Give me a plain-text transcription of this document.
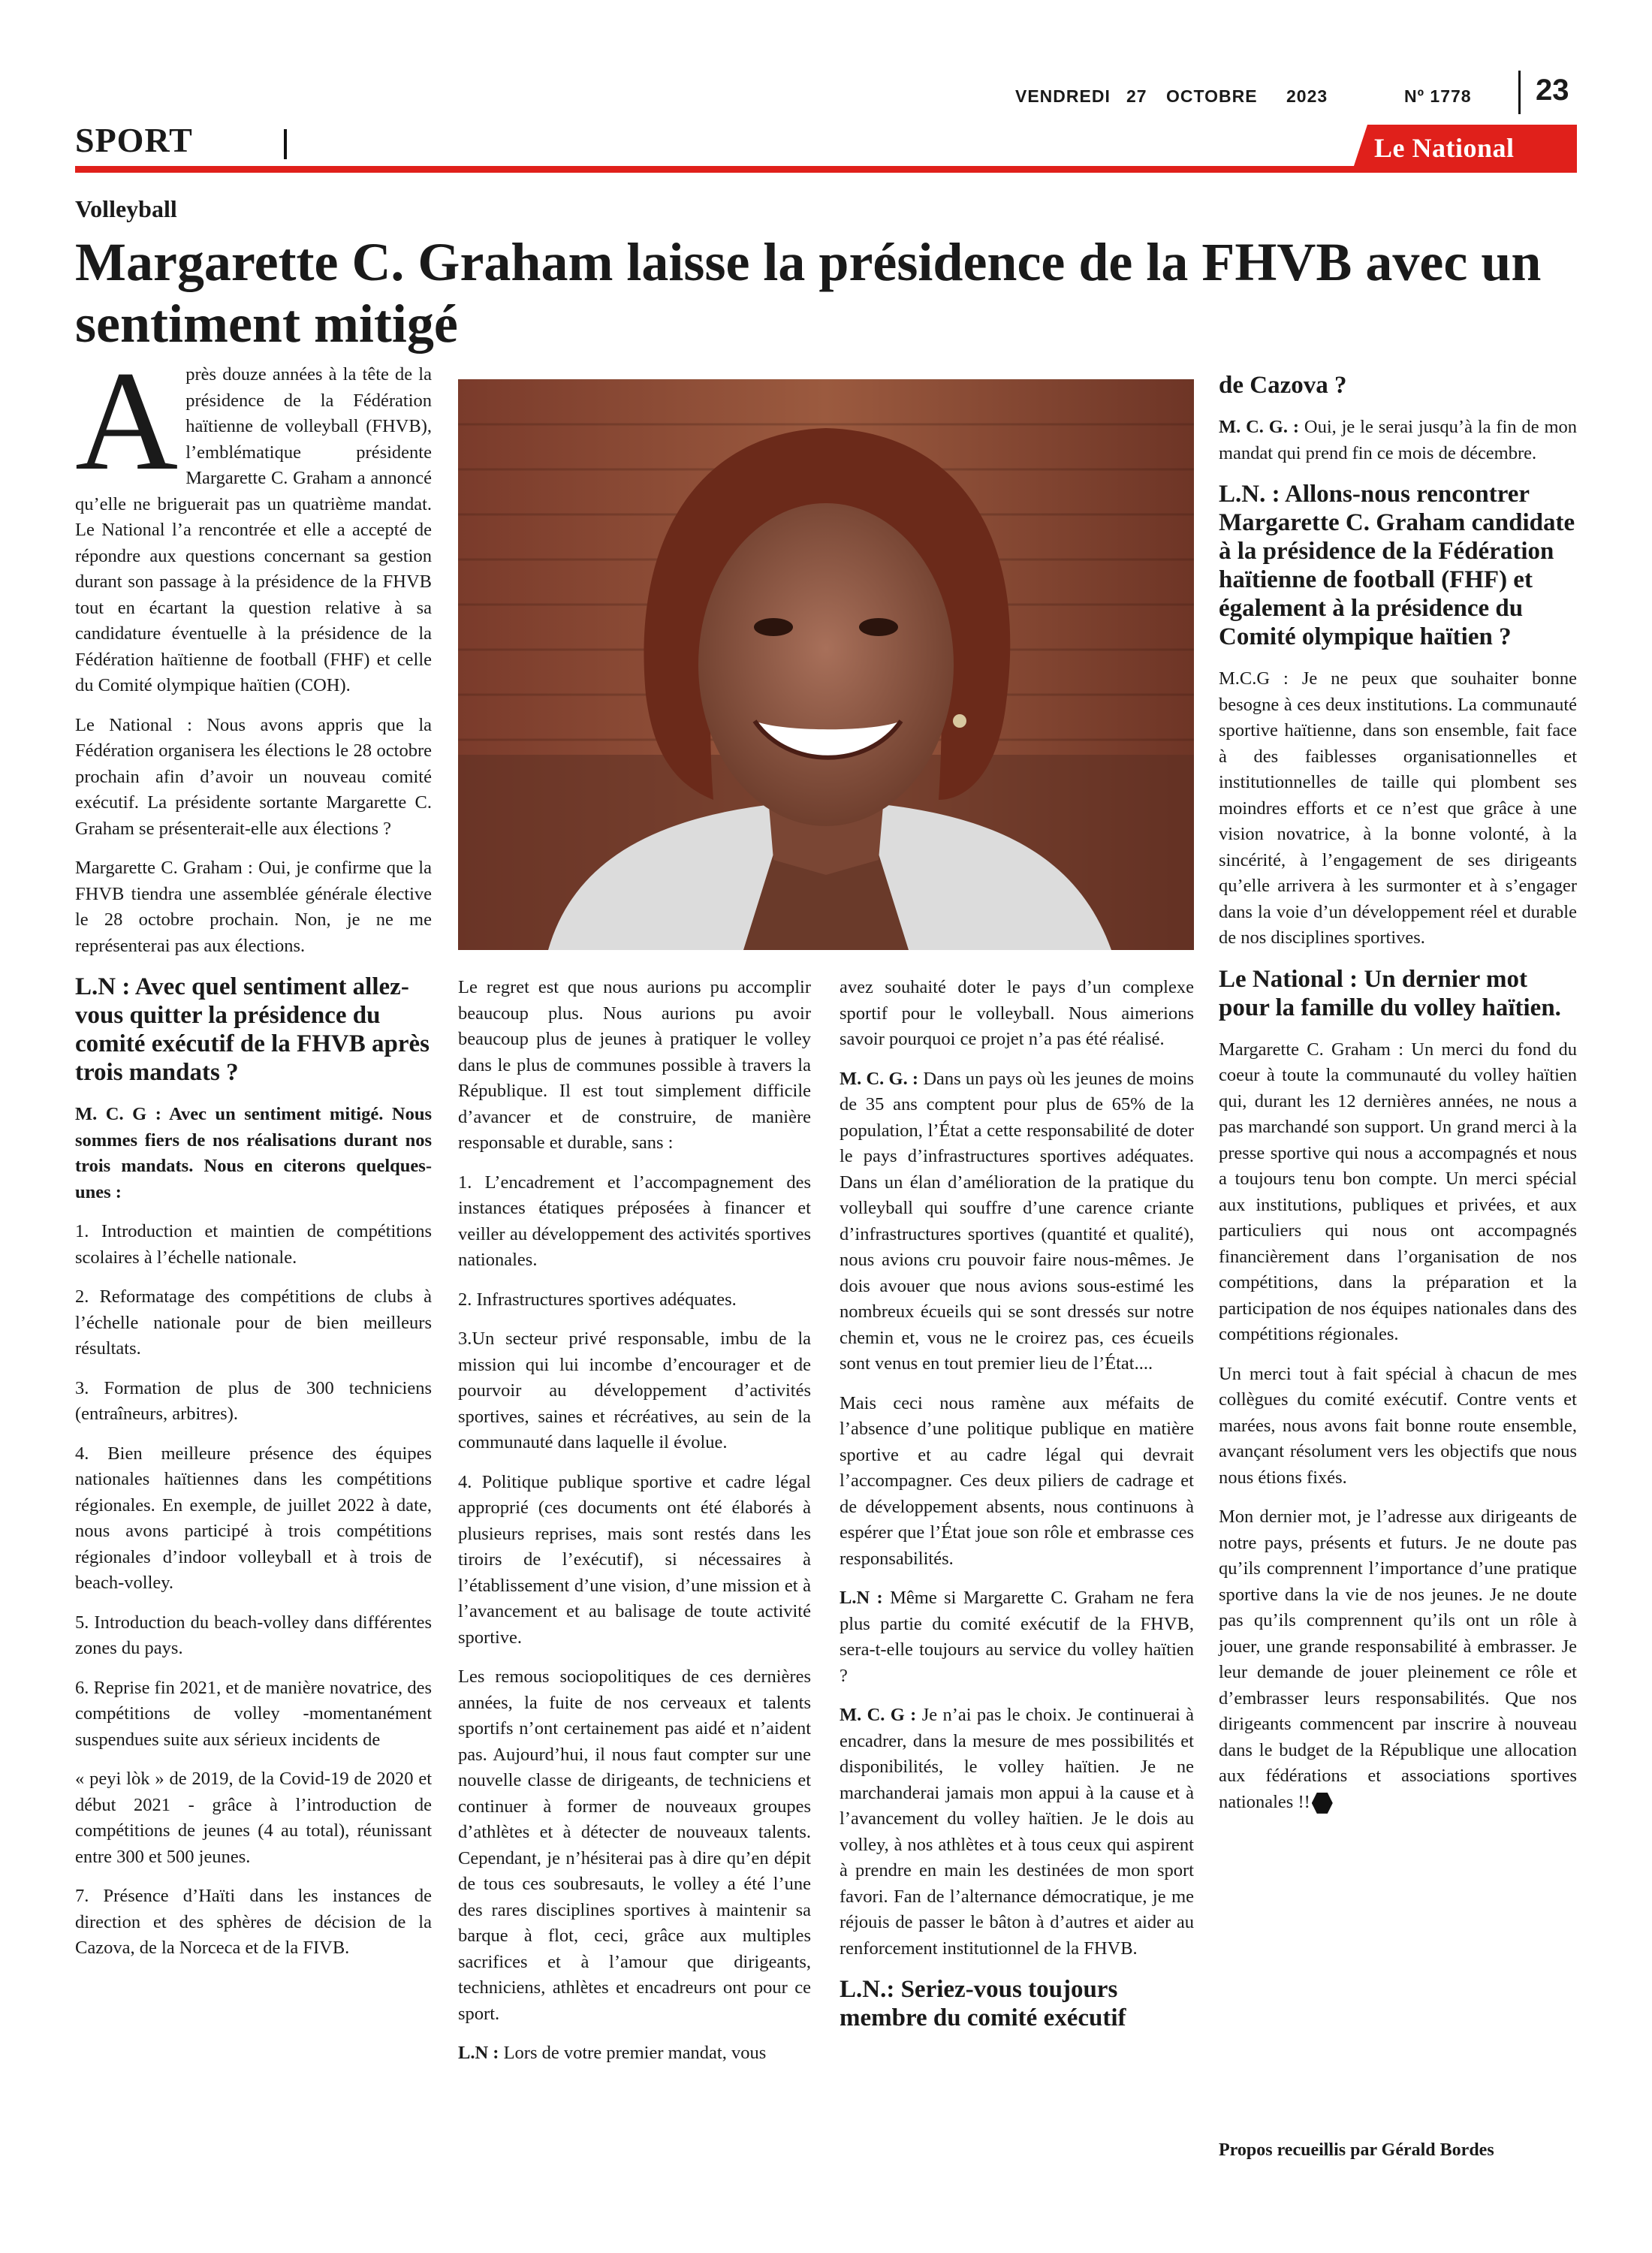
VENDREDI 27 OCTOBRE 2023	Nº 1778 23
SPORT	Le National
Volleyball
Margarette C. Graham laisse la présidence de la FHVB avec un sentiment mitigé

Après douze années à la tête de la présidence de la Fédération haïtienne de volleyball (FHVB), l’emblématique présidente Margarette C. Graham a annoncé qu’elle ne briguerait pas un quatrième mandat. Le National l’a rencontrée et elle a accepté de répondre aux questions concernant sa gestion durant son passage à la présidence de la FHVB tout en écartant la question relative à sa candidature éventuelle à la présidence de la Fédération haïtienne de football (FHF) et celle du Comité olympique haïtien (COH).

Le National : Nous avons appris que la Fédération organisera les élections le 28 octobre prochain afin d’avoir un nouveau comité exécutif. La présidente sortante Margarette C. Graham se présenterait-elle aux élections ?

Margarette C. Graham : Oui, je confirme que la FHVB tiendra une assemblée générale élective le 28 octobre prochain. Non, je ne me représenterai pas aux élections.

L.N : Avec quel sentiment allez-vous quitter la présidence du comité exécutif de la FHVB après trois mandats ?

M. C. G : Avec un sentiment mitigé. Nous sommes fiers de nos réalisations durant nos trois mandats. Nous en citerons quelques-unes :

1. Introduction et maintien de compétitions scolaires à l’échelle nationale.

2. Reformatage des compétitions de clubs à l’échelle nationale pour de bien meilleurs résultats.

3. Formation de plus de 300 techniciens (entraîneurs, arbitres).

4. Bien meilleure présence des équipes nationales haïtiennes dans les compétitions régionales. En exemple, de juillet 2022 à date, nous avons participé à trois compétitions régionales d’indoor volleyball et à trois de beach-volley.

5. Introduction du beach-volley dans différentes zones du pays.

6. Reprise fin 2021, et de manière novatrice, des compétitions de volley -momentanément suspendues suite aux sérieux incidents de

« peyi lòk » de 2019, de la Covid-19 de 2020 et début 2021 - grâce à l’introduction de compétitions de jeunes (4 au total), réunissant entre 300 et 500 jeunes.

7. Présence d’Haïti dans les instances de direction et des sphères de décision de la Cazova, de la Norceca et de la FIVB.

Le regret est que nous aurions pu accomplir beaucoup plus. Nous aurions pu avoir beaucoup plus de jeunes à pratiquer le volley dans le plus de communes possible à travers la République. Il est tout simplement difficile d’avancer et de construire, de manière responsable et durable, sans :

1. L’encadrement et l’accompagnement des instances étatiques préposées à financer et veiller au développement des activités sportives nationales.

2. Infrastructures sportives adéquates.

3.Un secteur privé responsable, imbu de la mission qui lui incombe d’encourager et de pourvoir au développement d’activités sportives, saines et récréatives, au sein de la communauté dans laquelle il évolue.

4. Politique publique sportive et cadre légal approprié (ces documents ont été élaborés à plusieurs reprises, mais sont restés dans les tiroirs de l’exécutif), si nécessaires à l’établissement d’une vision, d’une mission et à l’avancement et au balisage de toute activité sportive.

Les remous sociopolitiques de ces dernières années, la fuite de nos cerveaux et talents sportifs n’ont certainement pas aidé et n’aident pas. Aujourd’hui, il nous faut compter sur une nouvelle classe de dirigeants, de techniciens et continuer à former de nouveaux groupes d’athlètes et à détecter de nouveaux talents. Cependant, je n’hésiterai pas à dire qu’en dépit de tous ces soubresauts, le volley a été l’une des rares disciplines sportives à maintenir sa barque à flot, ceci, grâce aux multiples sacrifices et à l’amour que dirigeants, techniciens, athlètes et encadreurs ont pour ce sport.

L.N : Lors de votre premier mandat, vous

avez souhaité doter le pays d’un complexe sportif pour le volleyball. Nous aimerions savoir pourquoi ce projet n’a pas été réalisé.

M. C. G. : Dans un pays où les jeunes de moins de 35 ans comptent pour plus de 65% de la population, l’État a cette responsabilité de doter le pays d’infrastructures sportives adéquates. Dans un élan d’amélioration de la pratique du volleyball qui souffre d’une carence criante d’infrastructures sportives (quantité et qualité), nous avions cru pouvoir faire nous-mêmes. Je dois avouer que nous avions sous-estimé les nombreux écueils qui se sont dressés sur notre chemin et, vous ne le croirez pas, ces écueils sont venus en tout premier lieu de l’État....

Mais ceci nous ramène aux méfaits de l’absence d’une politique publique en matière sportive et au cadre légal qui devrait l’accompagner. Ces deux piliers de cadrage et de développement absents, nous continuons à espérer que l’État joue son rôle et embrasse ces responsabilités.

L.N : Même si Margarette C. Graham ne fera plus partie du comité exécutif de la FHVB, sera-t-elle toujours au service du volley haïtien ?

M. C. G : Je n’ai pas le choix. Je continuerai à encadrer, dans la mesure de mes possibilités et disponibilités, le volley haïtien. Je ne marchanderai jamais mon appui à la cause et à l’avancement du volley haïtien. Je le dois au volley, à nos athlètes et à tous ceux qui aspirent à prendre en main les destinées de mon sport favori. Fan de l’alternance démocratique, je me réjouis de passer le bâton à d’autres et aider au renforcement institutionnel de la FHVB.

L.N.: Seriez-vous toujours membre du comité exécutif
de Cazova ?

M. C. G. : Oui, je le serai jusqu’à la fin de mon mandat qui prend fin ce mois de décembre.

L.N. : Allons-nous rencontrer Margarette C. Graham candidate à la présidence de la Fédération haïtienne de football (FHF) et également à la présidence du Comité olympique haïtien ?

M.C.G : Je ne peux que souhaiter bonne besogne à ces deux institutions. La communauté sportive haïtienne, dans son ensemble, fait face à des faiblesses organisationnelles et institutionnelles de taille qui plombent ses moindres efforts et ce n’est que grâce à une vision novatrice, à la bonne volonté, à la sincérité, à l’engagement de ses dirigeants qu’elle arrivera à les surmonter et à s’engager dans la voie d’un développement réel et durable de nos disciplines sportives.

Le National : Un dernier mot pour la famille du volley haïtien.

Margarette C. Graham : Un merci du fond du coeur à toute la communauté du volley haïtien qui, durant les 12 dernières années, ne nous a pas marchandé son support. Un grand merci à la presse sportive qui nous a accompagnés et nous a toujours tenu bon compte. Un merci spécial aux institutions, publiques et privées, et aux particuliers qui nous ont accompagnés financièrement dans l’organisation de nos compétitions, dans la préparation et la participation de nos équipes nationales dans des compétitions régionales.

Un merci tout à fait spécial à chacun de mes collègues du comité exécutif. Contre vents et marées, nous avons fait bonne route ensemble, avançant résolument vers les objectifs que nous nous étions fixés.

Mon dernier mot, je l’adresse aux dirigeants de notre pays, présents et futurs. Je ne doute pas qu’ils comprennent l’importance d’une pratique sportive dans la vie de nos jeunes. Je ne doute pas qu’ils comprennent qu’ils ont un rôle à jouer, une grande responsabilité à embrasser. Je leur demande de jouer pleinement ce rôle et d’embrasser leurs responsabilités. Que nos dirigeants commencent par inscrire à nouveau dans le budget de la République une allocation aux fédérations et associations sportives nationales !!

Propos recueillis par Gérald Bordes
